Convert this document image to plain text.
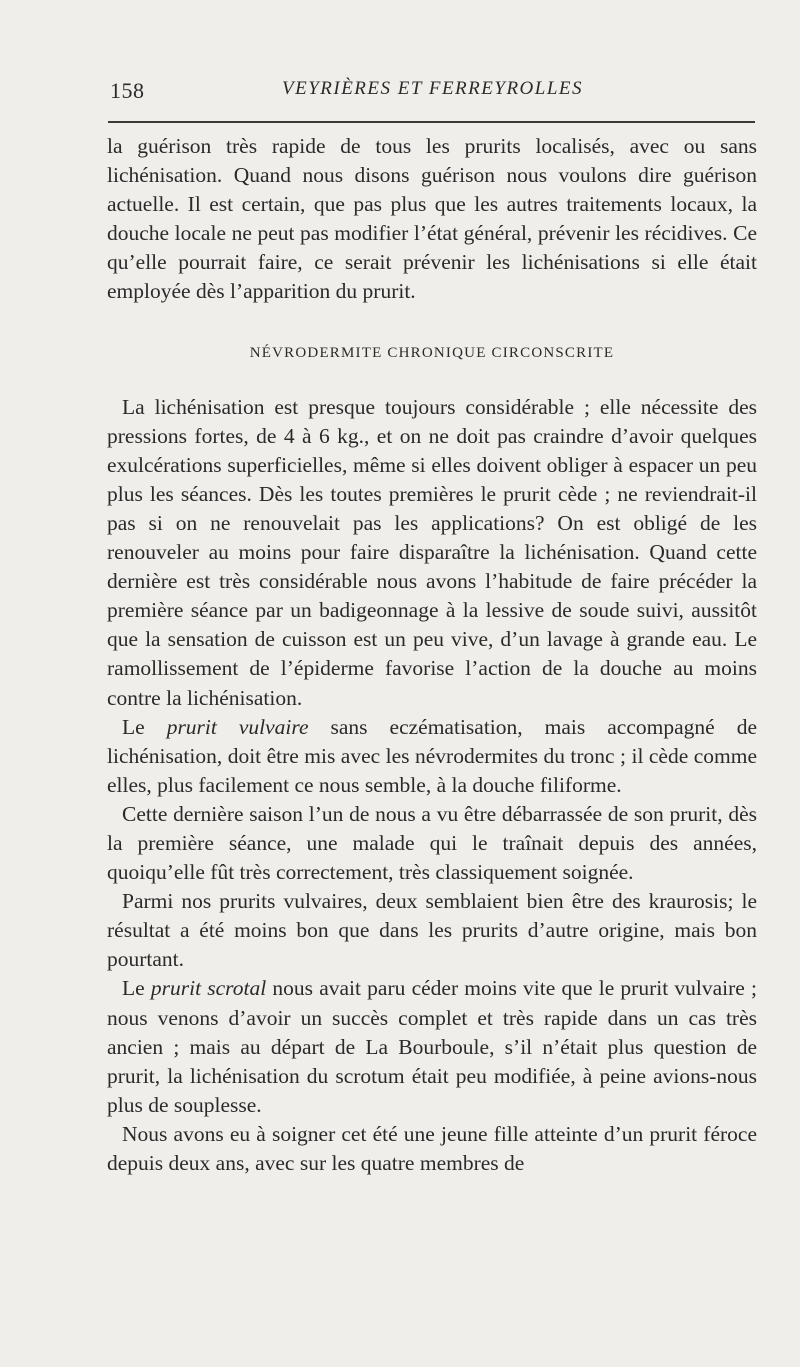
158	VEYRIÈRES ET FERREYROLLES

la guérison très rapide de tous les prurits localisés, avec ou sans lichénisation. Quand nous disons guérison nous voulons dire guérison actuelle. Il est certain, que pas plus que les autres traitements locaux, la douche locale ne peut pas modifier l’état général, prévenir les récidives. Ce qu’elle pourrait faire, ce serait prévenir les lichénisations si elle était employée dès l’apparition du prurit.

NÉVRODERMITE CHRONIQUE CIRCONSCRITE

La lichénisation est presque toujours considérable ; elle nécessite des pressions fortes, de 4 à 6 kg., et on ne doit pas craindre d’avoir quelques exulcérations superficielles, même si elles doivent obliger à espacer un peu plus les séances. Dès les toutes premières le prurit cède ; ne reviendrait-il pas si on ne renouvelait pas les applications? On est obligé de les renouveler au moins pour faire disparaître la lichénisation. Quand cette dernière est très considérable nous avons l’habitude de faire précéder la première séance par un badigeonnage à la lessive de soude suivi, aussitôt que la sensation de cuisson est un peu vive, d’un lavage à grande eau. Le ramollissement de l’épiderme favorise l’action de la douche au moins contre la lichénisation.

Le prurit vulvaire sans eczématisation, mais accompagné de lichénisation, doit être mis avec les névrodermites du tronc ; il cède comme elles, plus facilement ce nous semble, à la douche filiforme.

Cette dernière saison l’un de nous a vu être débarrassée de son prurit, dès la première séance, une malade qui le traînait depuis des années, quoiqu’elle fût très correctement, très classiquement soignée.

Parmi nos prurits vulvaires, deux semblaient bien être des kraurosis; le résultat a été moins bon que dans les prurits d’autre origine, mais bon pourtant.

Le prurit scrotal nous avait paru céder moins vite que le prurit vulvaire ; nous venons d’avoir un succès complet et très rapide dans un cas très ancien ; mais au départ de La Bourboule, s’il n’était plus question de prurit, la lichénisation du scrotum était peu modifiée, à peine avions-nous plus de souplesse.

Nous avons eu à soigner cet été une jeune fille atteinte d’un prurit féroce depuis deux ans, avec sur les quatre membres de
